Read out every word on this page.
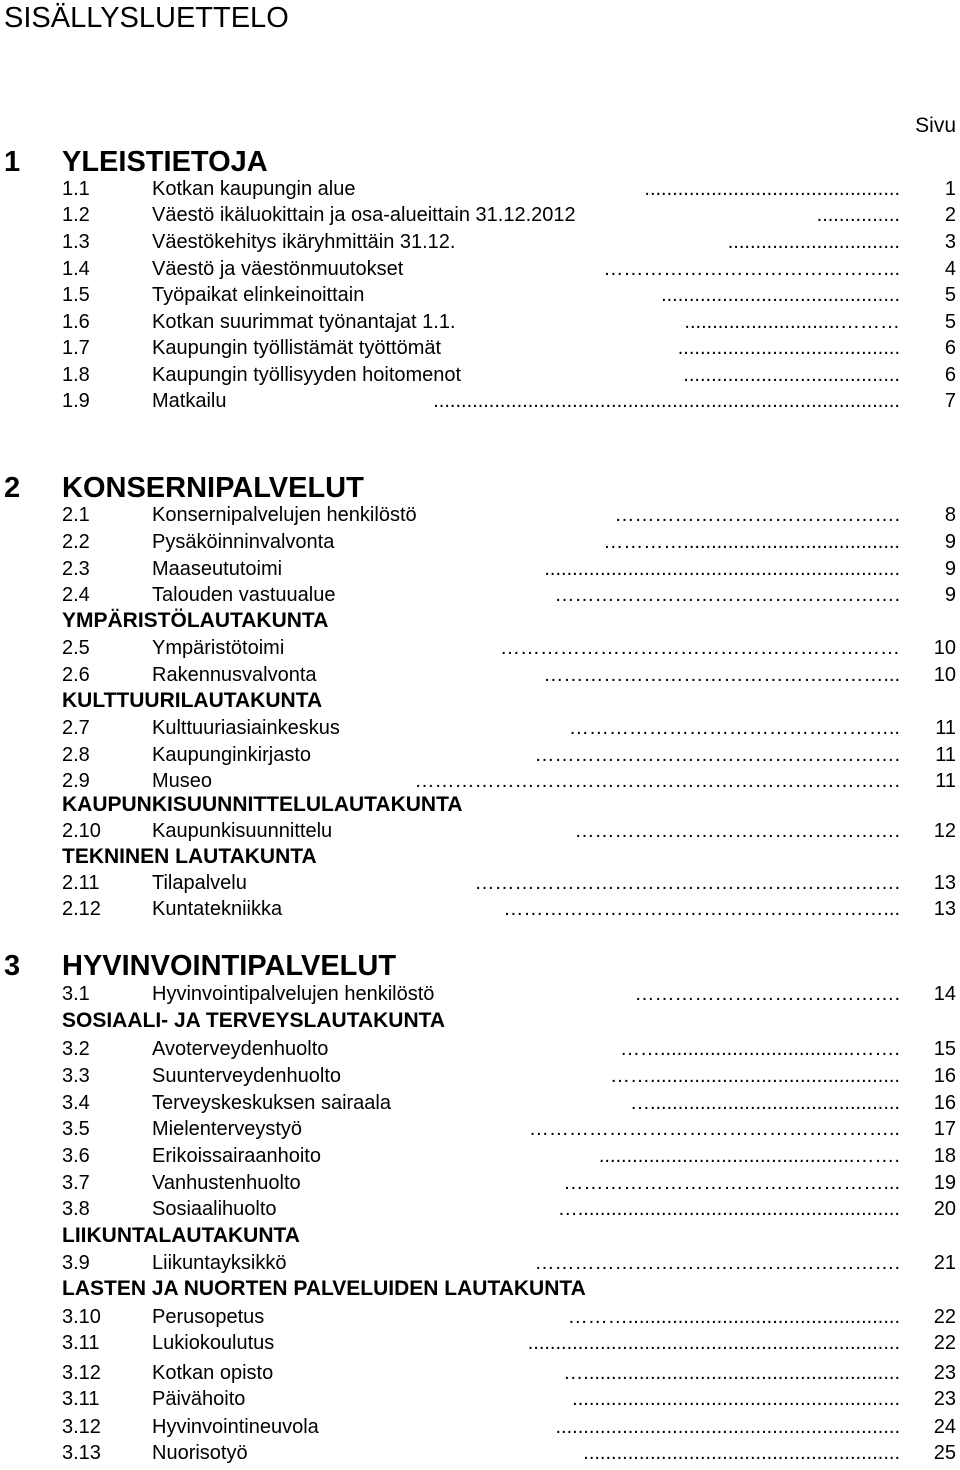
SISÄLLYSLUETTELO
Sivu
1 YLEISTIETOJA
1.1	Kotkan kaupungin alue	.............................................. 1
1.2	Väestö ikäluokittain ja osa-alueittain 31.12.2012	............... 2
1.3	Väestökehitys ikäryhmittäin 31.12.	............................... 3
1.4	Väestö ja väestönmuutokset	……………………………………... 4
1.5	Työpaikat elinkeinoittain	........................................... 5
1.6	Kotkan suurimmat työnantajat 1.1.	............................……… 5
1.7	Kaupungin työllistämät työttömät	........................................ 6
1.8	Kaupungin työllisyyden hoitomenot	....................................... 6
1.9	Matkailu	.................................................................................... 7
2 KONSERNIPALVELUT
2.1	Konsernipalvelujen henkilöstö	……………………………………. 8
2.2	Pysäköinninvalvonta	…………....................................... 9
2.3	Maaseututoimi	................................................................ 9
2.4	Talouden vastuualue	……………………………………………. 9
YMPÄRISTÖLAUTAKUNTA
2.5	Ympäristötoimi	…………………………………………………… 10
2.6	Rakennusvalvonta	……………………………………………... 10
KULTTUURILAUTAKUNTA
2.7	Kulttuuriasiainkeskus	………………………………………….. 11
2.8	Kaupunginkirjasto	………………………………………………. 11
2.9	Museo	………………………………………………………………. 11
KAUPUNKISUUNNITTELULAUTAKUNTA
2.10	Kaupunkisuunnittelu	…………………………………………. 12
TEKNINEN LAUTAKUNTA
2.11	Tilapalvelu	………………………………………………………. 13
2.12	Kuntatekniikka	…………………………………………………... 13
3 HYVINVOINTIPALVELUT
3.1	Hyvinvointipalvelujen henkilöstö	…………………………………. 14
SOSIAALI- JA TERVEYSLAUTAKUNTA
3.2	Avoterveydenhuolto	……...................................……. 15
3.3	Suunterveydenhuolto	……............................................. 16
3.4	Terveyskeskuksen sairaala	…............................................. 16
3.5	Mielenterveystyö	……………………………………………….. 17
3.6	Erikoissairaanhoito	..............................................……. 18
3.7	Vanhustenhuolto	…………………………………………... 19
3.8	Sosiaalihuolto	….......................................................... 20
LIIKUNTALAUTAKUNTA
3.9	Liikuntayksikkö	………………………………………………. 21
LASTEN JA NUORTEN PALVELUIDEN LAUTAKUNTA
3.10	Perusopetus	………................................................. 22
3.11	Lukiokoulutus	................................................................... 22
3.12	Kotkan opisto	…......................................................... 23
3.11	Päivähoito	........................................................... 23
3.12	Hyvinvointineuvola	.............................................................. 24
3.13	Nuorisotyö	......................................................... 25
